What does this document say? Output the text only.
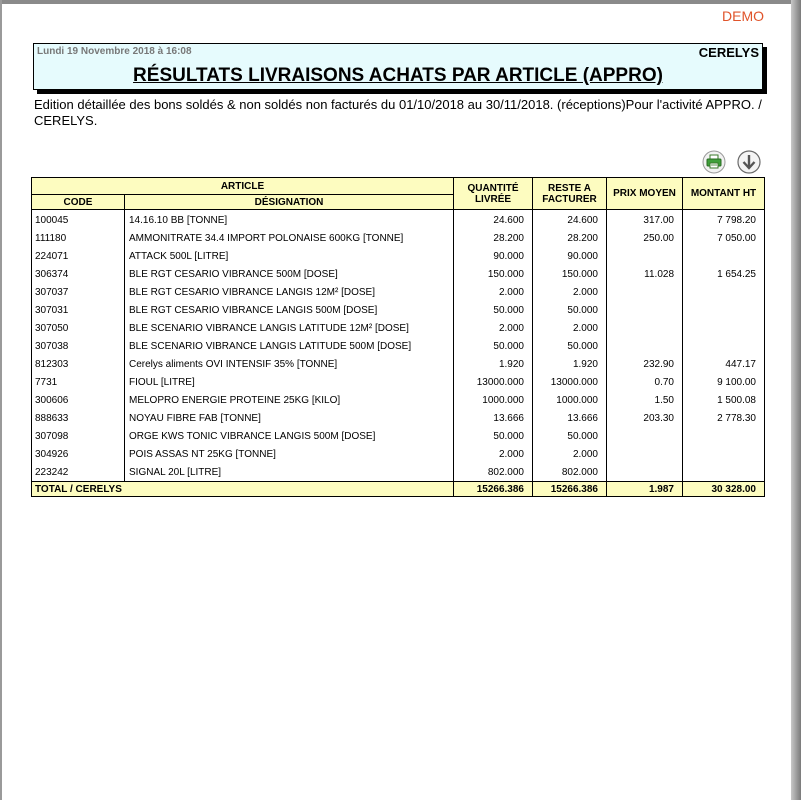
DEMO
Lundi 19 Novembre 2018 à 16:08	CERELYS
RÉSULTATS LIVRAISONS ACHATS PAR ARTICLE (APPRO)
Edition détaillée des bons soldés & non soldés non facturés du 01/10/2018 au 30/11/2018. (réceptions)Pour l'activité APPRO. / CERELYS.
ARTICLE		QUANTITÉ LIVRÉE	RESTE A FACTURER	PRIX MOYEN	MONTANT HT
CODE	DÉSIGNATION				
100045	14.16.10 BB [TONNE]	24.600	24.600	317.00	7 798.20
111180	AMMONITRATE 34.4 IMPORT POLONAISE 600KG [TONNE]	28.200	28.200	250.00	7 050.00
224071	ATTACK 500L [LITRE]	90.000	90.000		
306374	BLE RGT CESARIO VIBRANCE 500M [DOSE]	150.000	150.000	11.028	1 654.25
307037	BLE RGT CESARIO VIBRANCE LANGIS 12M² [DOSE]	2.000	2.000		
307031	BLE RGT CESARIO VIBRANCE LANGIS 500M [DOSE]	50.000	50.000		
307050	BLE SCENARIO VIBRANCE LANGIS LATITUDE 12M² [DOSE]	2.000	2.000		
307038	BLE SCENARIO VIBRANCE LANGIS LATITUDE 500M [DOSE]	50.000	50.000		
812303	Cerelys aliments OVI INTENSIF 35% [TONNE]	1.920	1.920	232.90	447.17
7731	FIOUL [LITRE]	13000.000	13000.000	0.70	9 100.00
300606	MELOPRO ENERGIE PROTEINE 25KG [KILO]	1000.000	1000.000	1.50	1 500.08
888633	NOYAU FIBRE FAB [TONNE]	13.666	13.666	203.30	2 778.30
307098	ORGE KWS TONIC VIBRANCE LANGIS 500M [DOSE]	50.000	50.000		
304926	POIS ASSAS NT 25KG [TONNE]	2.000	2.000		
223242	SIGNAL 20L [LITRE]	802.000	802.000		
TOTAL / CERELYS		15266.386	15266.386	1.987	30 328.00
